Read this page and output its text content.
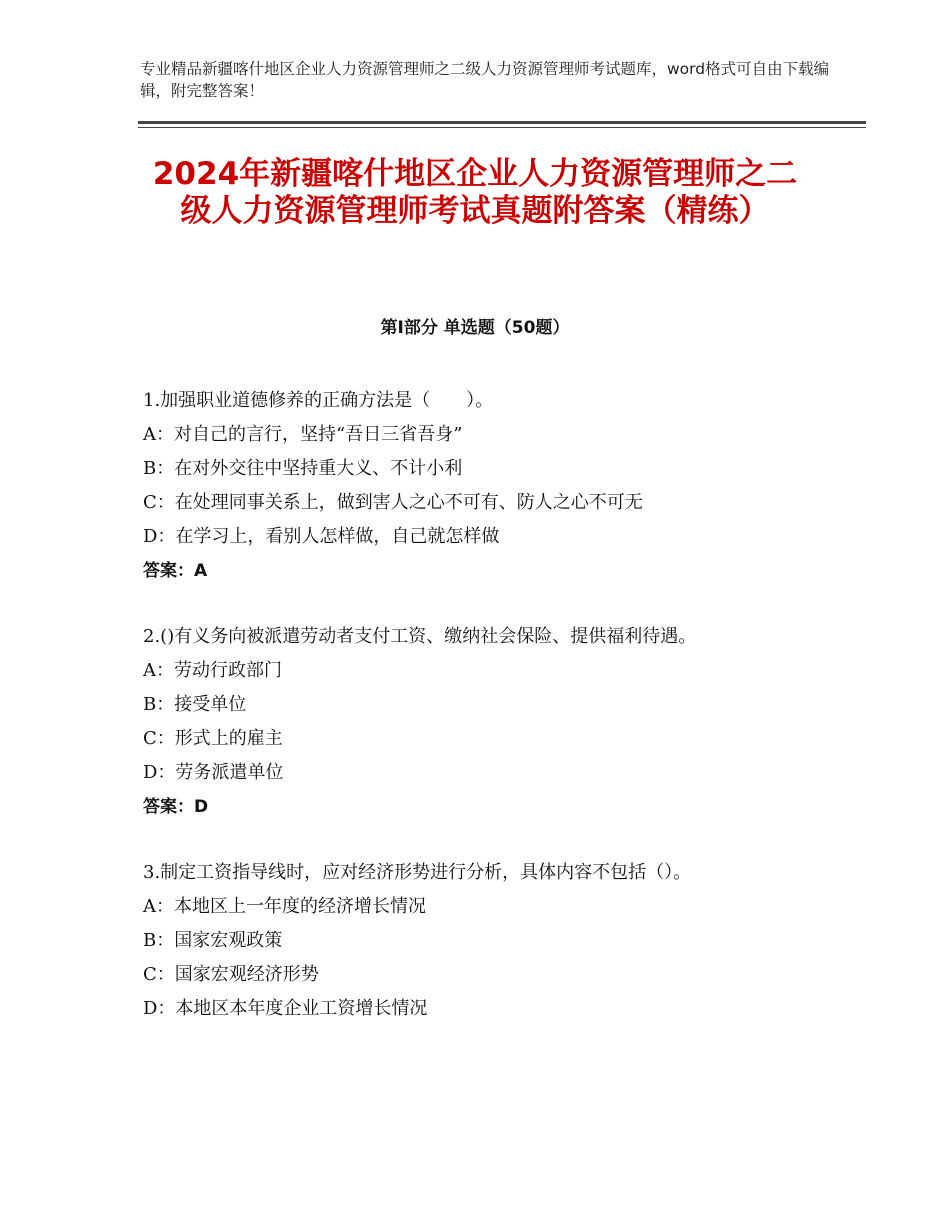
专业精品新疆喀什地区企业人力资源管理师之二级人力资源管理师考试题库，word格式可自由下载编辑，附完整答案！
2024年新疆喀什地区企业人力资源管理师之二级人力资源管理师考试真题附答案（精练）
第Ⅰ部分 单选题（50题）
1.加强职业道德修养的正确方法是（　　）。
A：对自己的言行，坚持“吾日三省吾身”
B：在对外交往中坚持重大义、不计小利
C：在处理同事关系上，做到害人之心不可有、防人之心不可无
D：在学习上，看别人怎样做，自己就怎样做
答案：A
2.()有义务向被派遣劳动者支付工资、缴纳社会保险、提供福利待遇。
A：劳动行政部门
B：接受单位
C：形式上的雇主
D：劳务派遣单位
答案：D
3.制定工资指导线时，应对经济形势进行分析，具体内容不包括（）。
A：本地区上一年度的经济增长情况
B：国家宏观政策
C：国家宏观经济形势
D：本地区本年度企业工资增长情况
